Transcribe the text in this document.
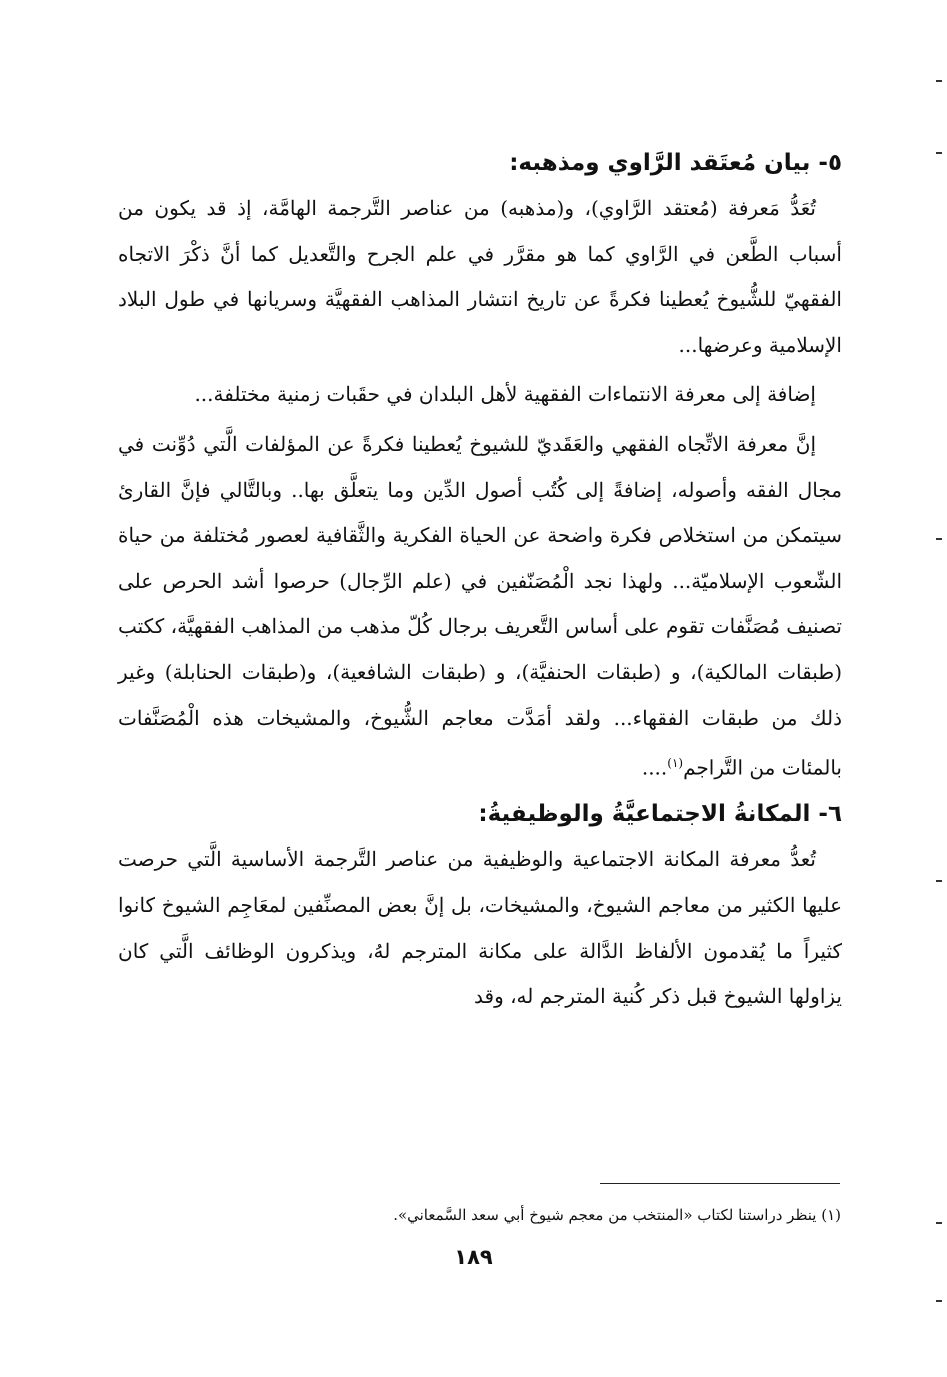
٥- بيان مُعتَقد الرَّاوي ومذهبه:

تُعَدُّ مَعرفة (مُعتقد الرَّاوي)، و(مذهبه) من عناصر التَّرجمة الهامَّة، إذ قد يكون من أسباب الطَّعن في الرَّاوي كما هو مقرَّر في علم الجرح والتَّعديل كما أنَّ ذكْرَ الاتجاه الفقهيّ للشُّيوخ يُعطينا فكرةً عن تاريخ انتشار المذاهب الفقهيَّة وسريانها في طول البلاد الإسلامية وعرضها...

إضافة إلى معرفة الانتماءات الفقهية لأهل البلدان في حقَبات زمنية مختلفة...

إنَّ معرفة الاتِّجاه الفقهي والعَقَديّ للشيوخ يُعطينا فكرةً عن المؤلفات الَّتي دُوِّنت في مجال الفقه وأصوله، إضافةً إلى كُتُب أصول الدِّين وما يتعلَّق بها.. وبالتَّالي فإنَّ القارئ سيتمكن من استخلاص فكرة واضحة عن الحياة الفكرية والثَّقافية لعصور مُختلفة من حياة الشّعوب الإسلاميّة... ولهذا نجد الْمُصَنّفين في (علم الرِّجال) حرصوا أشد الحرص على تصنيف مُصَنَّفات تقوم على أساس التَّعريف برجال كُلّ مذهب من المذاهب الفقهيَّة، ككتب (طبقات المالكية)، و (طبقات الحنفيَّة)، و (طبقات الشافعية)، و(طبقات الحنابلة) وغير ذلك من طبقات الفقهاء... ولقد أمَدَّت معاجم الشُّيوخ، والمشيخات هذه الْمُصَنَّفات بالمئات من التَّراجم$^{(١)}$....

٦- المكانةُ الاجتماعيَّةُ والوظيفيةُ:

تُعدُّ معرفة المكانة الاجتماعية والوظيفية من عناصر التَّرجمة الأساسية الَّتي حرصت عليها الكثير من معاجم الشيوخ، والمشيخات، بل إنَّ بعض المصنِّفين لمعَاجِم الشيوخ كانوا كثيراً ما يُقدمون الألفاظ الدَّالة على مكانة المترجم لهُ، ويذكرون الوظائف الَّتي كان يزاولها الشيوخ قبل ذكر كُنية المترجم له، وقد

(١) ينظر دراستنا لكتاب «المنتخب من معجم شيوخ أبي سعد السَّمعاني».
١٨٩
